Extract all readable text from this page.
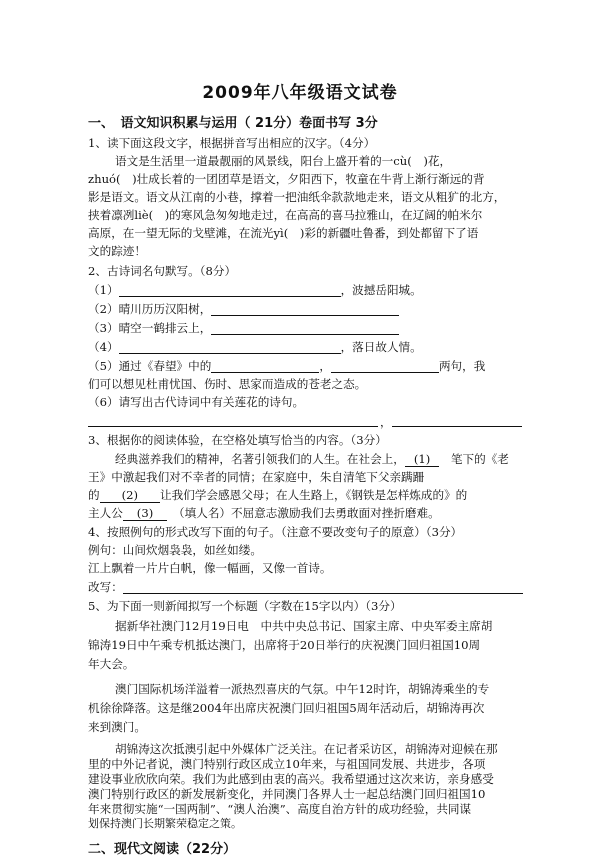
2009年八年级语文试卷
一、　语文知识积累与运用（ 21分）卷面书写 3分
1、读下面这段文字，根据拼音写出相应的汉字。（4分）
语文是生活里一道最靓丽的风景线，阳台上盛开着的一cù(　)花，
zhuó(　)壮成长着的一团团草是语文，夕阳西下，牧童在牛背上渐行渐远的背
影是语文。语文从江南的小巷，撑着一把油纸伞款款地走来，语文从粗犷的北方，
挟着凛冽liè(　)的寒风急匆匆地走过，在高高的喜马拉雅山，在辽阔的帕米尔
高原，在一望无际的戈壁滩，在流光yì(　)彩的新疆吐鲁番，到处都留下了语
文的踪迹！
2、古诗词名句默写。（8分）
（1）	，波撼岳阳城。
（2）晴川历历汉阳树，
（3）晴空一鹤排云上，
（4）	，落日故人情。
（5）通过《春望》中的	，	两句，我
们可以想见杜甫忧国、伤时、思家而造成的苍老之态。
（6）请写出古代诗词中有关莲花的诗句。
，
3、根据你的阅读体验，在空格处填写恰当的内容。（3分）
经典滋养我们的精神，名著引领我们的人生。在社会上， (1)　 笔下的《老
王》中激起我们对不幸者的同情；在家庭中，朱自清笔下父亲蹒跚
的 (2) 让我们学会感恩父母；在人生路上，《钢铁是怎样炼成的》的
主人公 (3)　 （填人名）不屈意志激励我们去勇敢面对挫折磨难。
4、按照例句的形式改写下面的句子。（注意不要改变句子的原意）（3分）
例句：山间炊烟袅袅，如丝如缕。
江上飘着一片片白帆，像一幅画，又像一首诗。
改写：
5、为下面一则新闻拟写一个标题（字数在15字以内）（3分）
据新华社澳门12月19日电　中共中央总书记、国家主席、中央军委主席胡
锦涛19日中午乘专机抵达澳门，出席将于20日举行的庆祝澳门回归祖国10周
年大会。
澳门国际机场洋溢着一派热烈喜庆的气氛。中午12时许，胡锦涛乘坐的专
机徐徐降落。这是继2004年出席庆祝澳门回归祖国5周年活动后，胡锦涛再次
来到澳门。
胡锦涛这次抵澳引起中外媒体广泛关注。在记者采访区，胡锦涛对迎候在那
里的中外记者说，澳门特别行政区成立10年来，与祖国同发展、共进步，各项
建设事业欣欣向荣。我们为此感到由衷的高兴。我希望通过这次来访，亲身感受
澳门特别行政区的新发展新变化，并同澳门各界人士一起总结澳门回归祖国10
年来贯彻实施“一国两制”、“澳人治澳”、高度自治方针的成功经验，共同谋
划保持澳门长期繁荣稳定之策。
二、现代文阅读（22分）
